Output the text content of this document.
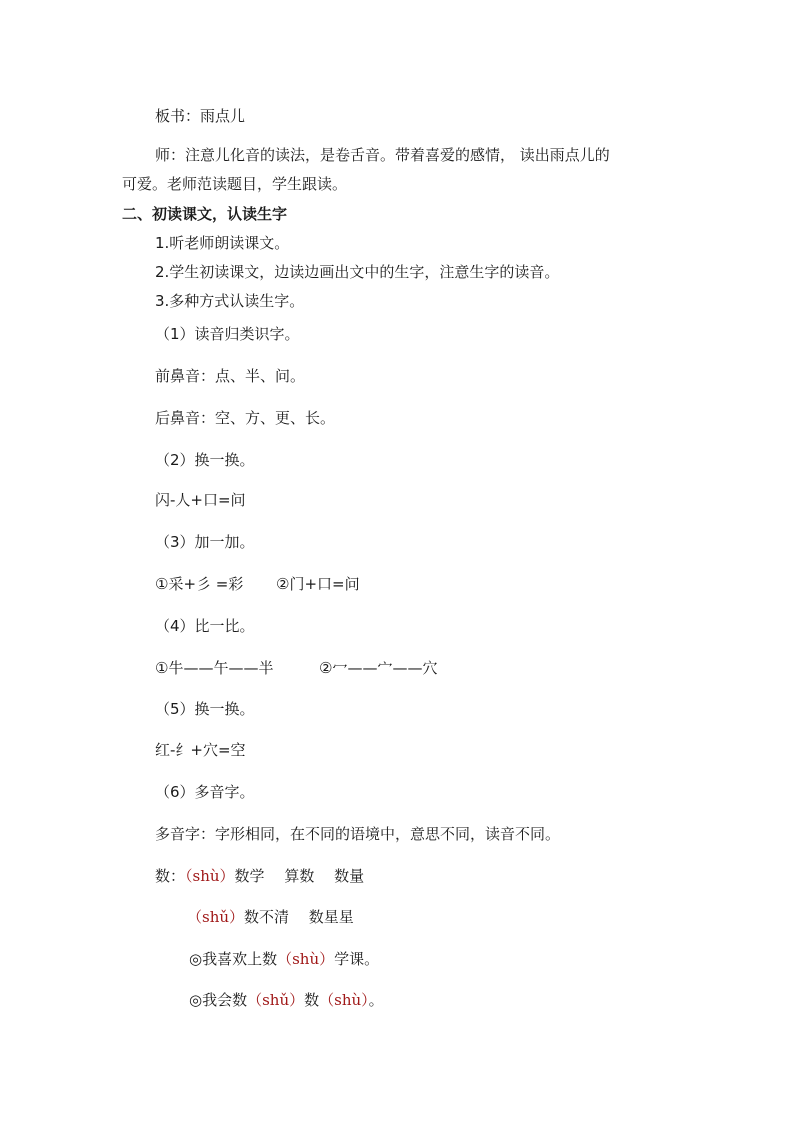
板书：雨点儿
师：注意儿化音的读法，是卷舌音。带着喜爱的感情， 读出雨点儿的
可爱。老师范读题目，学生跟读。
二、初读课文，认读生字
1.听老师朗读课文。
2.学生初读课文，边读边画出文中的生字，注意生字的读音。
3.多种方式认读生字。
（1）读音归类识字。
前鼻音：点、半、问。
后鼻音：空、方、更、长。
（2）换一换。
闪-人+口=问
（3）加一加。
①采+彡 =彩 ②门+口=问
（4）比一比。
①牛——午——半	②冖——宀——穴
（5）换一换。
红-纟+穴=空
（6）多音字。
多音字：字形相同，在不同的语境中，意思不同，读音不同。
数：（shù）数学　 算数　 数量
（shǔ）数不清　 数星星
◎我喜欢上数（shù）学课。
◎我会数（shǔ）数（shù）。
